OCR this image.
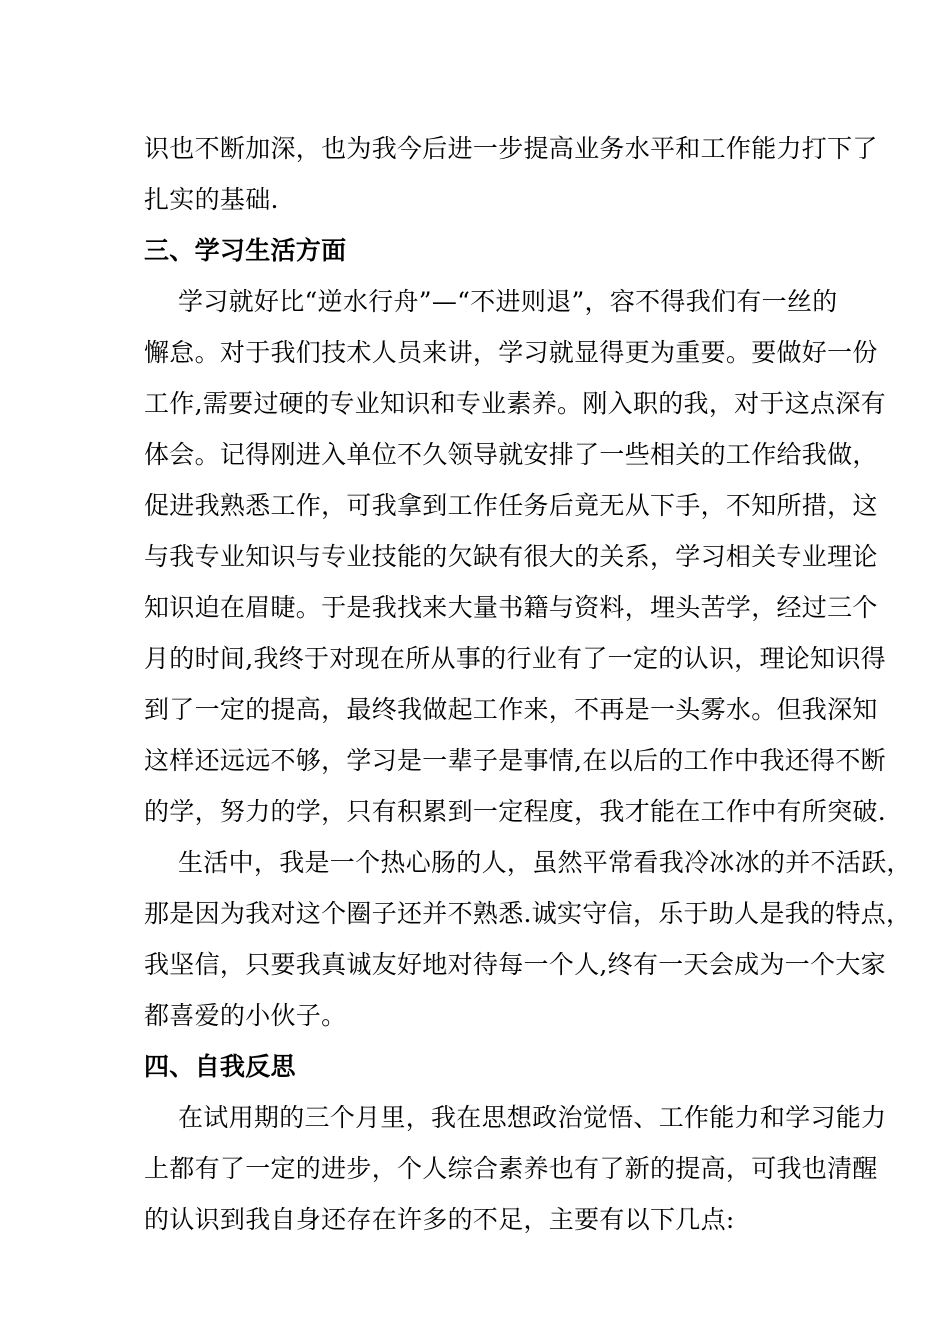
识也不断加深，也为我今后进一步提高业务水平和工作能力打下了
扎实的基础.
三、学习生活方面
学习就好比“逆水行舟”—“不进则退”，容不得我们有一丝的
懈怠。对于我们技术人员来讲，学习就显得更为重要。要做好一份
工作,需要过硬的专业知识和专业素养。刚入职的我，对于这点深有
体会。记得刚进入单位不久领导就安排了一些相关的工作给我做，
促进我熟悉工作，可我拿到工作任务后竟无从下手，不知所措，这
与我专业知识与专业技能的欠缺有很大的关系，学习相关专业理论
知识迫在眉睫。于是我找来大量书籍与资料，埋头苦学，经过三个
月的时间,我终于对现在所从事的行业有了一定的认识，理论知识得
到了一定的提高，最终我做起工作来，不再是一头雾水。但我深知
这样还远远不够，学习是一辈子是事情,在以后的工作中我还得不断
的学，努力的学，只有积累到一定程度，我才能在工作中有所突破.
生活中，我是一个热心肠的人，虽然平常看我冷冰冰的并不活跃，
那是因为我对这个圈子还并不熟悉.诚实守信，乐于助人是我的特点，
我坚信，只要我真诚友好地对待每一个人,终有一天会成为一个大家
都喜爱的小伙子。
四、自我反思
在试用期的三个月里，我在思想政治觉悟、工作能力和学习能力
上都有了一定的进步，个人综合素养也有了新的提高，可我也清醒
的认识到我自身还存在许多的不足，主要有以下几点:
